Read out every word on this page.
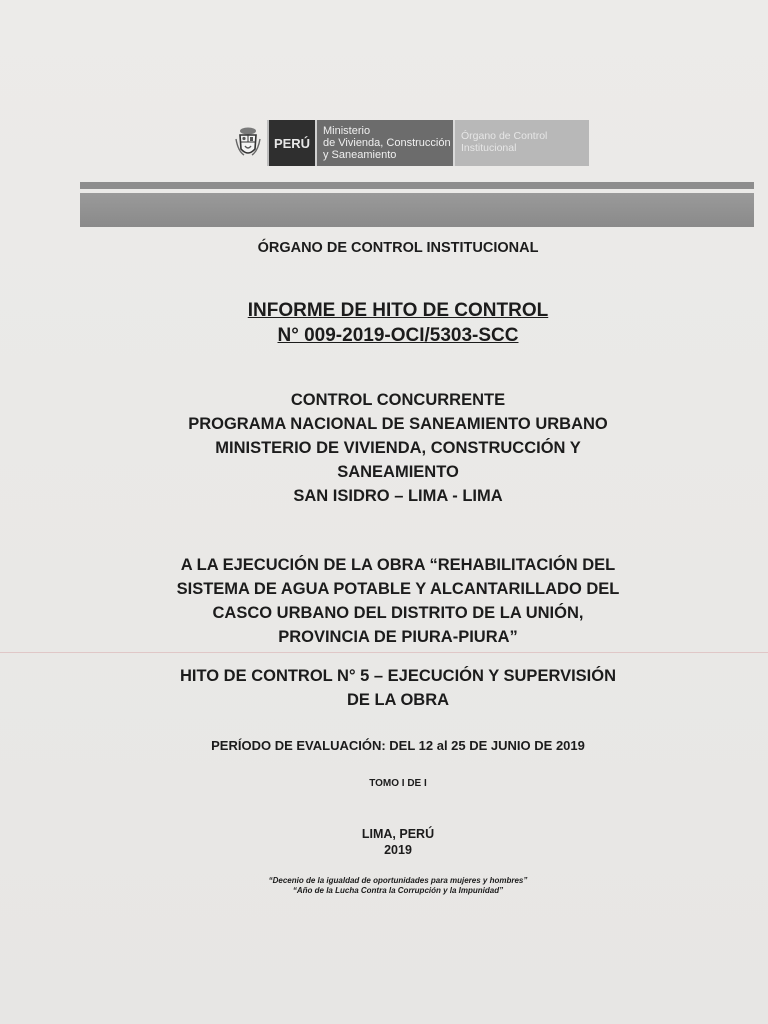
PERÚ
Ministerio
de Vivienda, Construcción
y Saneamiento
Órgano de Control
Institucional
ÓRGANO DE CONTROL INSTITUCIONAL
INFORME DE HITO DE CONTROL
N° 009-2019-OCI/5303-SCC
CONTROL CONCURRENTE
PROGRAMA NACIONAL DE SANEAMIENTO URBANO
MINISTERIO DE VIVIENDA, CONSTRUCCIÓN Y
SANEAMIENTO
SAN ISIDRO – LIMA - LIMA
A LA EJECUCIÓN DE LA OBRA “REHABILITACIÓN DEL
SISTEMA DE AGUA POTABLE Y ALCANTARILLADO DEL
CASCO URBANO DEL DISTRITO DE LA UNIÓN,
PROVINCIA DE PIURA-PIURA”
HITO DE CONTROL N° 5 – EJECUCIÓN Y SUPERVISIÓN
DE LA OBRA
PERÍODO DE EVALUACIÓN: DEL 12 al 25 DE JUNIO DE 2019
TOMO I DE I
LIMA, PERÚ
2019
“Decenio de la igualdad de oportunidades para mujeres y hombres”
“Año de la Lucha Contra la Corrupción y la Impunidad”
